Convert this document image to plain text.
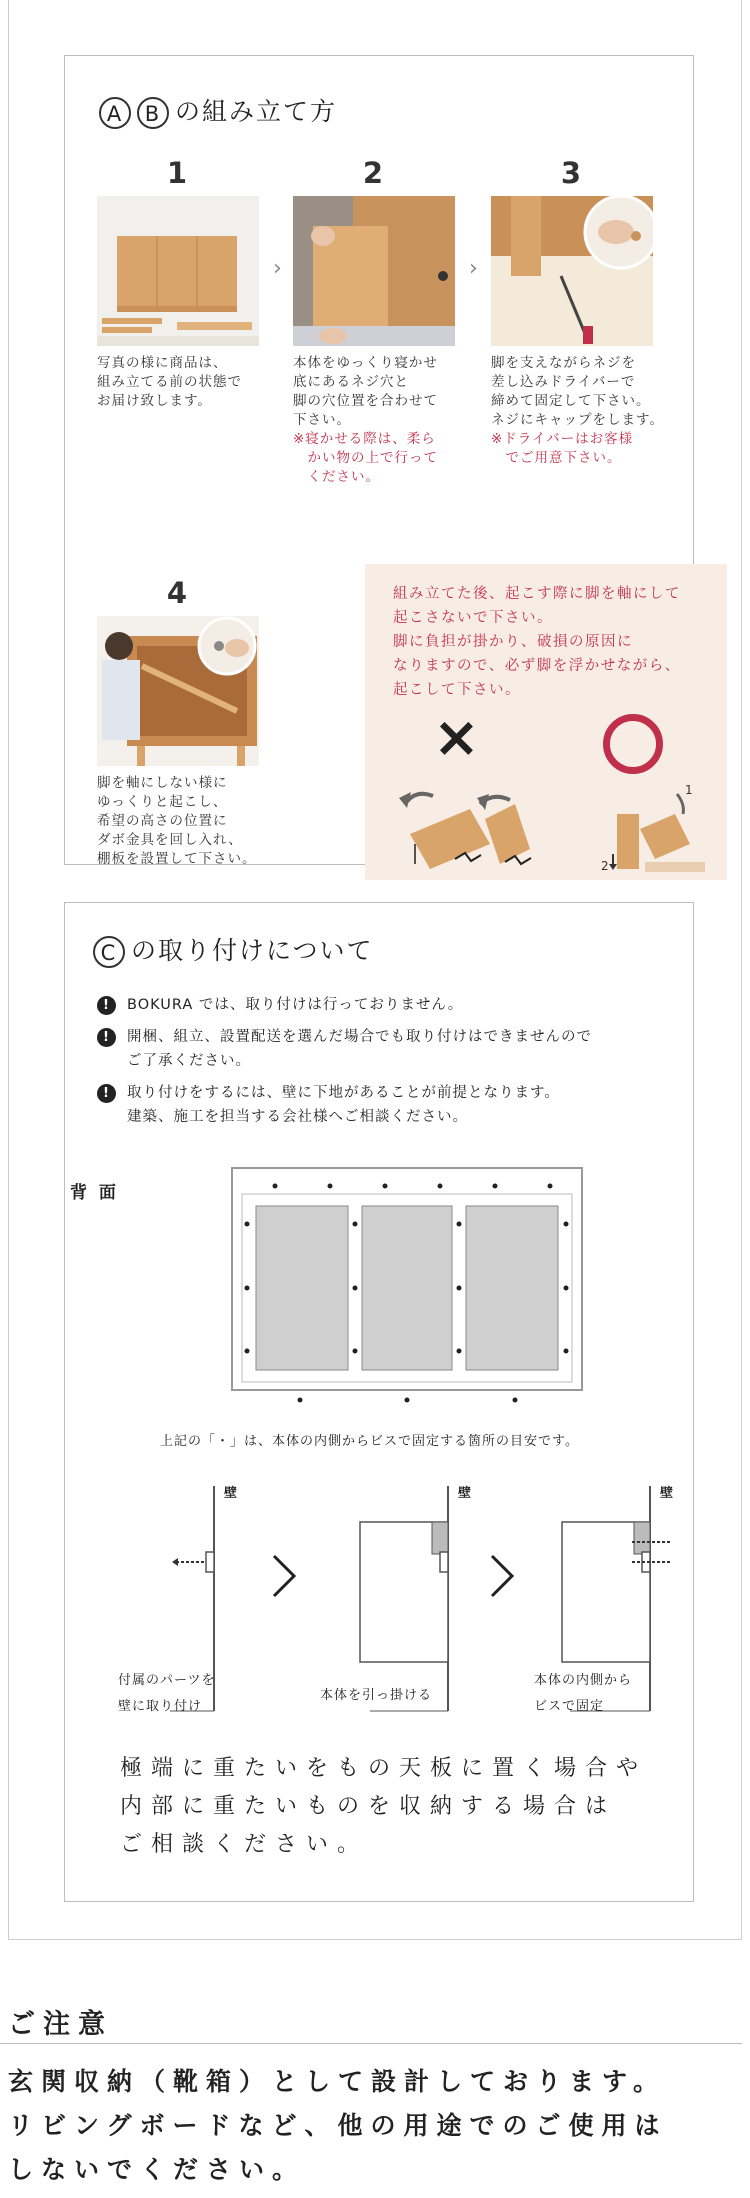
A B の組み立て方
1
写真の様に商品は、
組み立てる前の状態で
お届け致します。
›
2
本体をゆっくり寝かせ
底にあるネジ穴と
脚の穴位置を合わせて
下さい。
※寝かせる際は、柔ら
　かい物の上で行って
　ください。
›
3
脚を支えながらネジを
差し込みドライバーで
締めて固定して下さい。
ネジにキャップをします。
※ドライバーはお客様
　でご用意下さい。
4
脚を軸にしない様に
ゆっくりと起こし、
希望の高さの位置に
ダボ金具を回し入れ、
棚板を設置して下さい。
組み立てた後、起こす際に脚を軸にして
起こさないで下さい。
脚に負担が掛かり、破損の原因に
なりますので、必ず脚を浮かせながら、
起こして下さい。
×
1
2
C の取り付けについて
!	BOKURA では、取り付けは行っておりません。
!	開梱、組立、設置配送を選んだ場合でも取り付けはできませんので
ご了承ください。
!	取り付けをするには、壁に下地があることが前提となります。
建築、施工を担当する会社様へご相談ください。
背 面
上記の「・」は、本体の内側からビスで固定する箇所の目安です。
壁	壁	壁
付属のパーツを
壁に取り付け
本体を引っ掛ける
本体の内側から
ビスで固定
極端に重たいをもの天板に置く場合や
内部に重たいものを収納する場合は
ご相談ください。
ご注意
玄関収納（靴箱）として設計しております。
リビングボードなど、他の用途でのご使用は
しないでください。
